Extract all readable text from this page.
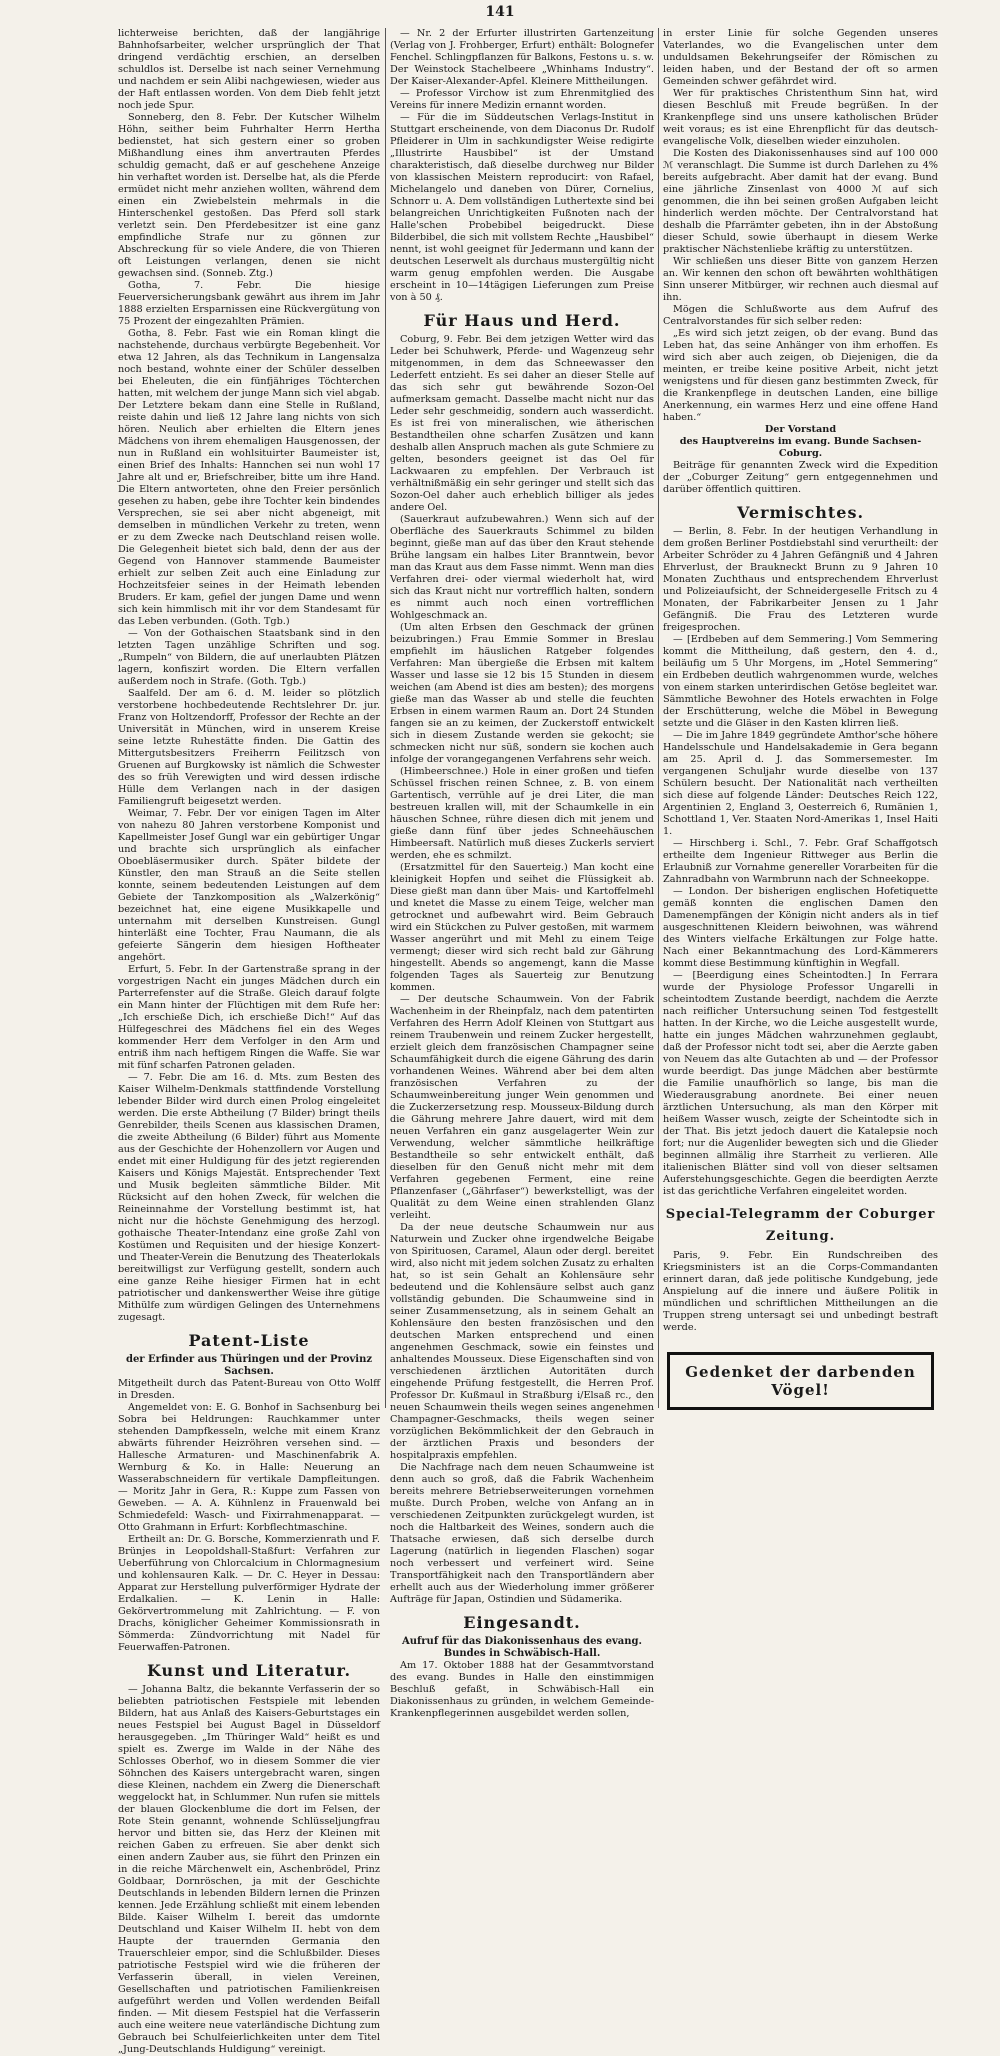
141

lichterweise berichten, daß der langjährige Bahnhofsarbeiter, welcher ursprünglich der That dringend verdächtig erschien, an derselben schuldlos ist. Derselbe ist nach seiner Vernehmung und nachdem er sein Alibi nachgewiesen, wieder aus der Haft entlassen worden. Von dem Dieb fehlt jetzt noch jede Spur.

Sonneberg, den 8. Febr. Der Kutscher Wilhelm Höhn, seither beim Fuhrhalter Herrn Hertha bedienstet, hat sich gestern einer so groben Mißhandlung eines ihm anvertrauten Pferdes schuldig gemacht, daß er auf geschehene Anzeige hin verhaftet worden ist. Derselbe hat, als die Pferde ermüdet nicht mehr anziehen wollten, während dem einen ein Zwiebelstein mehrmals in die Hinterschenkel gestoßen. Das Pferd soll stark verletzt sein. Den Pferdebesitzer ist eine ganz empfindliche Strafe nur zu gönnen zur Abschreckung für so viele Andere, die von Thieren oft Leistungen verlangen, denen sie nicht gewachsen sind. (Sonneb. Ztg.)

Gotha, 7. Febr. Die hiesige Feuerversicherungsbank gewährt aus ihrem im Jahr 1888 erzielten Ersparnissen eine Rückvergütung von 75 Prozent der eingezahlten Prämien.

Gotha, 8. Febr. Fast wie ein Roman klingt die nachstehende, durchaus verbürgte Begebenheit. Vor etwa 12 Jahren, als das Technikum in Langensalza noch bestand, wohnte einer der Schüler desselben bei Eheleuten, die ein fünfjähriges Töchterchen hatten, mit welchem der junge Mann sich viel abgab. Der Letztere bekam dann eine Stelle in Rußland, reiste dahin und ließ 12 Jahre lang nichts von sich hören. Neulich aber erhielten die Eltern jenes Mädchens von ihrem ehemaligen Hausgenossen, der nun in Rußland ein wohlsituirter Baumeister ist, einen Brief des Inhalts: Hannchen sei nun wohl 17 Jahre alt und er, Briefschreiber, bitte um ihre Hand. Die Eltern antworteten, ohne den Freier persönlich gesehen zu haben, gebe ihre Tochter kein bindendes Versprechen, sie sei aber nicht abgeneigt, mit demselben in mündlichen Verkehr zu treten, wenn er zu dem Zwecke nach Deutschland reisen wolle. Die Gelegenheit bietet sich bald, denn der aus der Gegend von Hannover stammende Baumeister erhielt zur selben Zeit auch eine Einladung zur Hochzeitsfeier seines in der Heimath lebenden Bruders. Er kam, gefiel der jungen Dame und wenn sich kein himmlisch mit ihr vor dem Standesamt für das Leben verbunden. (Goth. Tgb.)

— Von der Gothaischen Staatsbank sind in den letzten Tagen unzählige Schriften und sog. „Rumpeln“ von Bildern, die auf unerlaubten Plätzen lagern, konfiszirt worden. Die Eltern verfallen außerdem noch in Strafe. (Goth. Tgb.)

Saalfeld. Der am 6. d. M. leider so plötzlich verstorbene hochbedeutende Rechtslehrer Dr. jur. Franz von Holtzendorff, Professor der Rechte an der Universität in München, wird in unserem Kreise seine letzte Ruhestätte finden. Die Gattin des Mittergutsbesitzers Freiherrn Feilitzsch von Gruenen auf Burgkowsky ist nämlich die Schwester des so früh Verewigten und wird dessen irdische Hülle dem Verlangen nach in der dasigen Familiengruft beigesetzt werden.

Weimar, 7. Febr. Der vor einigen Tagen im Alter von nahezu 80 Jahren verstorbene Komponist und Kapellmeister Josef Gungl war ein gebürtiger Ungar und brachte sich ursprünglich als einfacher Oboebläsermusiker durch. Später bildete der Künstler, den man Strauß an die Seite stellen konnte, seinem bedeutenden Leistungen auf dem Gebiete der Tanzkomposition als „Walzerkönig“ bezeichnet hat, eine eigene Musikkapelle und unternahm mit derselben Kunstreisen. Gungl hinterläßt eine Tochter, Frau Naumann, die als gefeierte Sängerin dem hiesigen Hoftheater angehört.

Erfurt, 5. Febr. In der Gartenstraße sprang in der vorgestrigen Nacht ein junges Mädchen durch ein Parterrefenster auf die Straße. Gleich darauf folgte ein Mann hinter der Flüchtigen mit dem Rufe her: „Ich erschieße Dich, ich erschieße Dich!“ Auf das Hülfegeschrei des Mädchens fiel ein des Weges kommender Herr dem Verfolger in den Arm und entriß ihm nach heftigem Ringen die Waffe. Sie war mit fünf scharfen Patronen geladen.

— 7. Febr. Die am 16. d. Mts. zum Besten des Kaiser Wilhelm-Denkmals stattfindende Vorstellung lebender Bilder wird durch einen Prolog eingeleitet werden. Die erste Abtheilung (7 Bilder) bringt theils Genrebilder, theils Scenen aus klassischen Dramen, die zweite Abtheilung (6 Bilder) führt aus Momente aus der Geschichte der Hohenzollern vor Augen und endet mit einer Huldigung für des jetzt regierenden Kaisers und Königs Majestät. Entsprechender Text und Musik begleiten sämmtliche Bilder. Mit Rücksicht auf den hohen Zweck, für welchen die Reineinnahme der Vorstellung bestimmt ist, hat nicht nur die höchste Genehmigung des herzogl. gothaische Theater-Intendanz eine große Zahl von Kostümen und Requisiten und der hiesige Konzert- und Theater-Verein die Benutzung des Theaterlokals bereitwilligst zur Verfügung gestellt, sondern auch eine ganze Reihe hiesiger Firmen hat in echt patriotischer und dankenswerther Weise ihre gütige Mithülfe zum würdigen Gelingen des Unternehmens zugesagt.

Patent-Liste
der Erfinder aus Thüringen und der Provinz Sachsen.

Mitgetheilt durch das Patent-Bureau von Otto Wolff in Dresden.

Angemeldet von: E. G. Bonhof in Sachsenburg bei Sobra bei Heldrungen: Rauchkammer unter stehenden Dampfkesseln, welche mit einem Kranz abwärts führender Heizröhren versehen sind. — Hallesche Armaturen- und Maschinenfabrik A. Wernburg & Ko. in Halle: Neuerung an Wasserabschneidern für vertikale Dampfleitungen. — Moritz Jahr in Gera, R.: Kuppe zum Fassen von Geweben. — A. A. Kühnlenz in Frauenwald bei Schmiedefeld: Wasch- und Fixirrahmenapparat. — Otto Grahmann in Erfurt: Korbflechtmaschine.

Ertheilt an: Dr. G. Borsche, Kommerzienrath und F. Brünjes in Leopoldshall-Staßfurt: Verfahren zur Ueberführung von Chlorcalcium in Chlormagnesium und kohlensauren Kalk. — Dr. C. Heyer in Dessau: Apparat zur Herstellung pulverförmiger Hydrate der Erdalkalien. — K. Lenin in Halle: Gekörvertrommelung mit Zahlrichtung. — F. von Drachs, königlicher Geheimer Kommissionsrath in Sömmerda: Zündvorrichtung mit Nadel für Feuerwaffen-Patronen.

Kunst und Literatur.

— Johanna Baltz, die bekannte Verfasserin der so beliebten patriotischen Festspiele mit lebenden Bildern, hat aus Anlaß des Kaisers-Geburtstages ein neues Festspiel bei August Bagel in Düsseldorf herausgegeben. „Im Thüringer Wald“ heißt es und spielt es. Zwerge im Walde in der Nähe des Schlosses Oberhof, wo in diesem Sommer die vier Söhnchen des Kaisers untergebracht waren, singen diese Kleinen, nachdem ein Zwerg die Dienerschaft weggelockt hat, in Schlummer. Nun rufen sie mittels der blauen Glockenblume die dort im Felsen, der Rote Stein genannt, wohnende Schlüsseljungfrau hervor und bitten sie, das Herz der Kleinen mit reichen Gaben zu erfreuen. Sie aber denkt sich einen andern Zauber aus, sie führt den Prinzen ein in die reiche Märchenwelt ein, Aschenbrödel, Prinz Goldbaar, Dornröschen, ja mit der Geschichte Deutschlands in lebenden Bildern lernen die Prinzen kennen. Jede Erzählung schließt mit einem lebenden Bilde. Kaiser Wilhelm I. bereit das umdornte Deutschland und Kaiser Wilhelm II. hebt von dem Haupte der trauernden Germania den Trauerschleier empor, sind die Schlußbilder. Dieses patriotische Festspiel wird wie die früheren der Verfasserin überall, in vielen Vereinen, Gesellschaften und patriotischen Familienkreisen aufgeführt werden und Vollen werdenden Beifall finden. — Mit diesem Festspiel hat die Verfasserin auch eine weitere neue vaterländische Dichtung zum Gebrauch bei Schulfeierlichkeiten unter dem Titel „Jung-Deutschlands Huldigung“ vereinigt.

— Nr. 2 der Erfurter illustrirten Gartenzeitung (Verlag von J. Frohberger, Erfurt) enthält: Bolognefer Fenchel. Schlingpflanzen für Balkons, Festons u. s. w. Der Weinstock Stachelbeere „Whinhams Industry“. Der Kaiser-Alexander-Apfel. Kleinere Mittheilungen.

— Professor Virchow ist zum Ehrenmitglied des Vereins für innere Medizin ernannt worden.

— Für die im Süddeutschen Verlags-Institut in Stuttgart erscheinende, von dem Diaconus Dr. Rudolf Pfleiderer in Ulm in sachkundigster Weise redigirte „Illustrirte Hausbibel“ ist der Umstand charakteristisch, daß dieselbe durchweg nur Bilder von klassischen Meistern reproducirt: von Rafael, Michelangelo und daneben von Dürer, Cornelius, Schnorr u. A. Dem vollständigen Luthertexte sind bei belangreichen Unrichtigkeiten Fußnoten nach der Halle'schen Probebibel beigedruckt. Diese Bilderbibel, die sich mit vollstem Rechte „Hausbibel“ nennt, ist wohl geeignet für Jedermann und kann der deutschen Leserwelt als durchaus mustergültig nicht warm genug empfohlen werden. Die Ausgabe erscheint in 10—14tägigen Lieferungen zum Preise von à 50 ₰.

Für Haus und Herd.

Coburg, 9. Febr. Bei dem jetzigen Wetter wird das Leder bei Schuhwerk, Pferde- und Wagenzeug sehr mitgenommen, in dem das Schneewasser den Lederfett entzieht. Es sei daher an dieser Stelle auf das sich sehr gut bewährende Sozon-Oel aufmerksam gemacht. Dasselbe macht nicht nur das Leder sehr geschmeidig, sondern auch wasserdicht. Es ist frei von mineralischen, wie ätherischen Bestandtheilen ohne scharfen Zusätzen und kann deshalb allen Anspruch machen als gute Schmiere zu gelten, besonders geeignet ist das Oel für Lackwaaren zu empfehlen. Der Verbrauch ist verhältnißmäßig ein sehr geringer und stellt sich das Sozon-Oel daher auch erheblich billiger als jedes andere Oel.

(Sauerkraut aufzubewahren.) Wenn sich auf der Oberfläche des Sauerkrauts Schimmel zu bilden beginnt, gieße man auf das über den Kraut stehende Brühe langsam ein halbes Liter Branntwein, bevor man das Kraut aus dem Fasse nimmt. Wenn man dies Verfahren drei- oder viermal wiederholt hat, wird sich das Kraut nicht nur vortrefflich halten, sondern es nimmt auch noch einen vortrefflichen Wohlgeschmack an.

(Um alten Erbsen den Geschmack der grünen beizubringen.) Frau Emmie Sommer in Breslau empfiehlt im häuslichen Ratgeber folgendes Verfahren: Man übergieße die Erbsen mit kaltem Wasser und lasse sie 12 bis 15 Stunden in diesem weichen (am Abend ist dies am besten); des morgens gieße man das Wasser ab und stelle die feuchten Erbsen in einem warmen Raum an. Dort 24 Stunden fangen sie an zu keimen, der Zuckerstoff entwickelt sich in diesem Zustande werden sie gekocht; sie schmecken nicht nur süß, sondern sie kochen auch infolge der vorangegangenen Verfahrens sehr weich.

(Himbeerschnee.) Hole in einer großen und tiefen Schüssel frischen reinen Schnee, z. B. von einem Gartentisch, verrühle auf je drei Liter, die man bestreuen krallen will, mit der Schaumkelle in ein häuschen Schnee, rühre diesen dich mit jenem und gieße dann fünf über jedes Schneehäuschen Himbeersaft. Natürlich muß dieses Zuckerls serviert werden, ehe es schmilzt.

(Ersatzmittel für den Sauerteig.) Man kocht eine kleinigkeit Hopfen und seihet die Flüssigkeit ab. Diese gießt man dann über Mais- und Kartoffelmehl und knetet die Masse zu einem Teige, welcher man getrocknet und aufbewahrt wird. Beim Gebrauch wird ein Stückchen zu Pulver gestoßen, mit warmem Wasser angerührt und mit Mehl zu einem Teige vermengt; dieser wird sich recht bald zur Gährung hingestellt. Abends so angemengt, kann die Masse folgenden Tages als Sauerteig zur Benutzung kommen.

— Der deutsche Schaumwein. Von der Fabrik Wachenheim in der Rheinpfalz, nach dem patentirten Verfahren des Herrn Adolf Kleinen von Stuttgart aus reinem Traubenwein und reinem Zucker hergestellt, erzielt gleich dem französischen Champagner seine Schaumfähigkeit durch die eigene Gährung des darin vorhandenen Weines. Während aber bei dem alten französischen Verfahren zu der Schaumweinbereitung junger Wein genommen und die Zuckerzersetzung resp. Mousseux-Bildung durch die Gährung mehrere Jahre dauert, wird mit dem neuen Verfahren ein ganz ausgelagerter Wein zur Verwendung, welcher sämmtliche heilkräftige Bestandtheile so sehr entwickelt enthält, daß dieselben für den Genuß nicht mehr mit dem Verfahren gegebenen Ferment, eine reine Pflanzenfaser („Gährfaser“) bewerkstelligt, was der Qualität zu dem Weine einen strahlenden Glanz verleiht.

Da der neue deutsche Schaumwein nur aus Naturwein und Zucker ohne irgendwelche Beigabe von Spirituosen, Caramel, Alaun oder dergl. bereitet wird, also nicht mit jedem solchen Zusatz zu erhalten hat, so ist sein Gehalt an Kohlensäure sehr bedeutend und die Kohlensäure selbst auch ganz vollständig gebunden. Die Schaumweine sind in seiner Zusammensetzung, als in seinem Gehalt an Kohlensäure den besten französischen und den deutschen Marken entsprechend und einen angenehmen Geschmack, sowie ein feinstes und anhaltendes Mousseux. Diese Eigenschaften sind von verschiedenen ärztlichen Autoritäten durch eingehende Prüfung festgestellt, die Herren Prof. Professor Dr. Kußmaul in Straßburg i/Elsaß rc., den neuen Schaumwein theils wegen seines angenehmen Champagner-Geschmacks, theils wegen seiner vorzüglichen Bekömmlichkeit der den Gebrauch in der ärztlichen Praxis und besonders der hospitalpraxis empfehlen.

Die Nachfrage nach dem neuen Schaumweine ist denn auch so groß, daß die Fabrik Wachenheim bereits mehrere Betriebserweiterungen vornehmen mußte. Durch Proben, welche von Anfang an in verschiedenen Zeitpunkten zurückgelegt wurden, ist noch die Haltbarkeit des Weines, sondern auch die Thatsache erwiesen, daß sich derselbe durch Lagerung (natürlich in liegenden Flaschen) sogar noch verbessert und verfeinert wird. Seine Transportfähigkeit nach den Transportländern aber erhellt auch aus der Wiederholung immer größerer Aufträge für Japan, Ostindien und Südamerika.

Eingesandt.
Aufruf für das Diakonissenhaus des evang. Bundes in Schwäbisch-Hall.

Am 17. Oktober 1888 hat der Gesammtvorstand des evang. Bundes in Halle den einstimmigen Beschluß gefaßt, in Schwäbisch-Hall ein Diakonissenhaus zu gründen, in welchem Gemeinde-Krankenpflegerinnen ausgebildet werden sollen,

in erster Linie für solche Gegenden unseres Vaterlandes, wo die Evangelischen unter dem unduldsamen Bekehrungseifer der Römischen zu leiden haben, und der Bestand der oft so armen Gemeinden schwer gefährdet wird.

Wer für praktisches Christenthum Sinn hat, wird diesen Beschluß mit Freude begrüßen. In der Krankenpflege sind uns unsere katholischen Brüder weit voraus; es ist eine Ehrenpflicht für das deutsch-evangelische Volk, dieselben wieder einzuholen.

Die Kosten des Diakonissenhauses sind auf 100 000 ℳ veranschlagt. Die Summe ist durch Darlehen zu 4% bereits aufgebracht. Aber damit hat der evang. Bund eine jährliche Zinsenlast von 4000 ℳ auf sich genommen, die ihn bei seinen großen Aufgaben leicht hinderlich werden möchte. Der Centralvorstand hat deshalb die Pfarrämter gebeten, ihn in der Abstoßung dieser Schuld, sowie überhaupt in diesem Werke praktischer Nächstenliebe kräftig zu unterstützen.

Wir schließen uns dieser Bitte von ganzem Herzen an. Wir kennen den schon oft bewährten wohlthätigen Sinn unserer Mitbürger, wir rechnen auch diesmal auf ihn.

Mögen die Schlußworte aus dem Aufruf des Centralvorstandes für sich selber reden:

„Es wird sich jetzt zeigen, ob der evang. Bund das Leben hat, das seine Anhänger von ihm erhoffen. Es wird sich aber auch zeigen, ob Diejenigen, die da meinten, er treibe keine positive Arbeit, nicht jetzt wenigstens und für diesen ganz bestimmten Zweck, für die Krankenpflege in deutschen Landen, eine billige Anerkennung, ein warmes Herz und eine offene Hand haben.“

Der Vorstand
des Hauptvereins im evang. Bunde Sachsen-Coburg.

Beiträge für genannten Zweck wird die Expedition der „Coburger Zeitung“ gern entgegennehmen und darüber öffentlich quittiren.

Vermischtes.

— Berlin, 8. Febr. In der heutigen Verhandlung in dem großen Berliner Postdiebstahl sind verurtheilt: der Arbeiter Schröder zu 4 Jahren Gefängniß und 4 Jahren Ehrverlust, der Braukneckt Brunn zu 9 Jahren 10 Monaten Zuchthaus und entsprechendem Ehrverlust und Polizeiaufsicht, der Schneidergeselle Fritsch zu 4 Monaten, der Fabrikarbeiter Jensen zu 1 Jahr Gefängniß. Die Frau des Letzteren wurde freigesprochen.

— [Erdbeben auf dem Semmering.] Vom Semmering kommt die Mittheilung, daß gestern, den 4. d., beiläufig um 5 Uhr Morgens, im „Hotel Semmering“ ein Erdbeben deutlich wahrgenommen wurde, welches von einem starken unterirdischen Getöse begleitet war. Sämmtliche Bewohner des Hotels erwachten in Folge der Erschütterung, welche die Möbel in Bewegung setzte und die Gläser in den Kasten klirren ließ.

— Die im Jahre 1849 gegründete Amthor'sche höhere Handelsschule und Handelsakademie in Gera begann am 25. April d. J. das Sommersemester. Im vergangenen Schuljahr wurde dieselbe von 137 Schülern besucht. Der Nationalität nach vertheilten sich diese auf folgende Länder: Deutsches Reich 122, Argentinien 2, England 3, Oesterreich 6, Rumänien 1, Schottland 1, Ver. Staaten Nord-Amerikas 1, Insel Haiti 1.

— Hirschberg i. Schl., 7. Febr. Graf Schaffgotsch ertheilte dem Ingenieur Rittweger aus Berlin die Erlaubniß zur Vornahme genereller Vorarbeiten für die Zahnradbahn von Warmbrunn nach der Schneekoppe.

— London. Der bisherigen englischen Hofetiquette gemäß konnten die englischen Damen den Damenempfängen der Königin nicht anders als in tief ausgeschnittenen Kleidern beiwohnen, was während des Winters vielfache Erkältungen zur Folge hatte. Nach einer Bekanntmachung des Lord-Kämmerers kommt diese Bestimmung künftighin in Wegfall.

— [Beerdigung eines Scheintodten.] In Ferrara wurde der Physiologe Professor Ungarelli in scheintodtem Zustande beerdigt, nachdem die Aerzte nach reiflicher Untersuchung seinen Tod festgestellt hatten. In der Kirche, wo die Leiche ausgestellt wurde, hatte ein junges Mädchen wahrzunehmen geglaubt, daß der Professor nicht todt sei, aber die Aerzte gaben von Neuem das alte Gutachten ab und — der Professor wurde beerdigt. Das junge Mädchen aber bestürmte die Familie unaufhörlich so lange, bis man die Wiederausgrabung anordnete. Bei einer neuen ärztlichen Untersuchung, als man den Körper mit heißem Wasser wusch, zeigte der Scheintodte sich in der That. Bis jetzt jedoch dauert die Katalepsie noch fort; nur die Augenlider bewegten sich und die Glieder beginnen allmälig ihre Starrheit zu verlieren. Alle italienischen Blätter sind voll von dieser seltsamen Auferstehungsgeschichte. Gegen die beerdigten Aerzte ist das gerichtliche Verfahren eingeleitet worden.

Special-Telegramm der Coburger Zeitung.

Paris, 9. Febr. Ein Rundschreiben des Kriegsministers ist an die Corps-Commandanten erinnert daran, daß jede politische Kundgebung, jede Anspielung auf die innere und äußere Politik in mündlichen und schriftlichen Mittheilungen an die Truppen streng untersagt sei und unbedingt bestraft werde.

Gedenket der darbenden Vögel!
